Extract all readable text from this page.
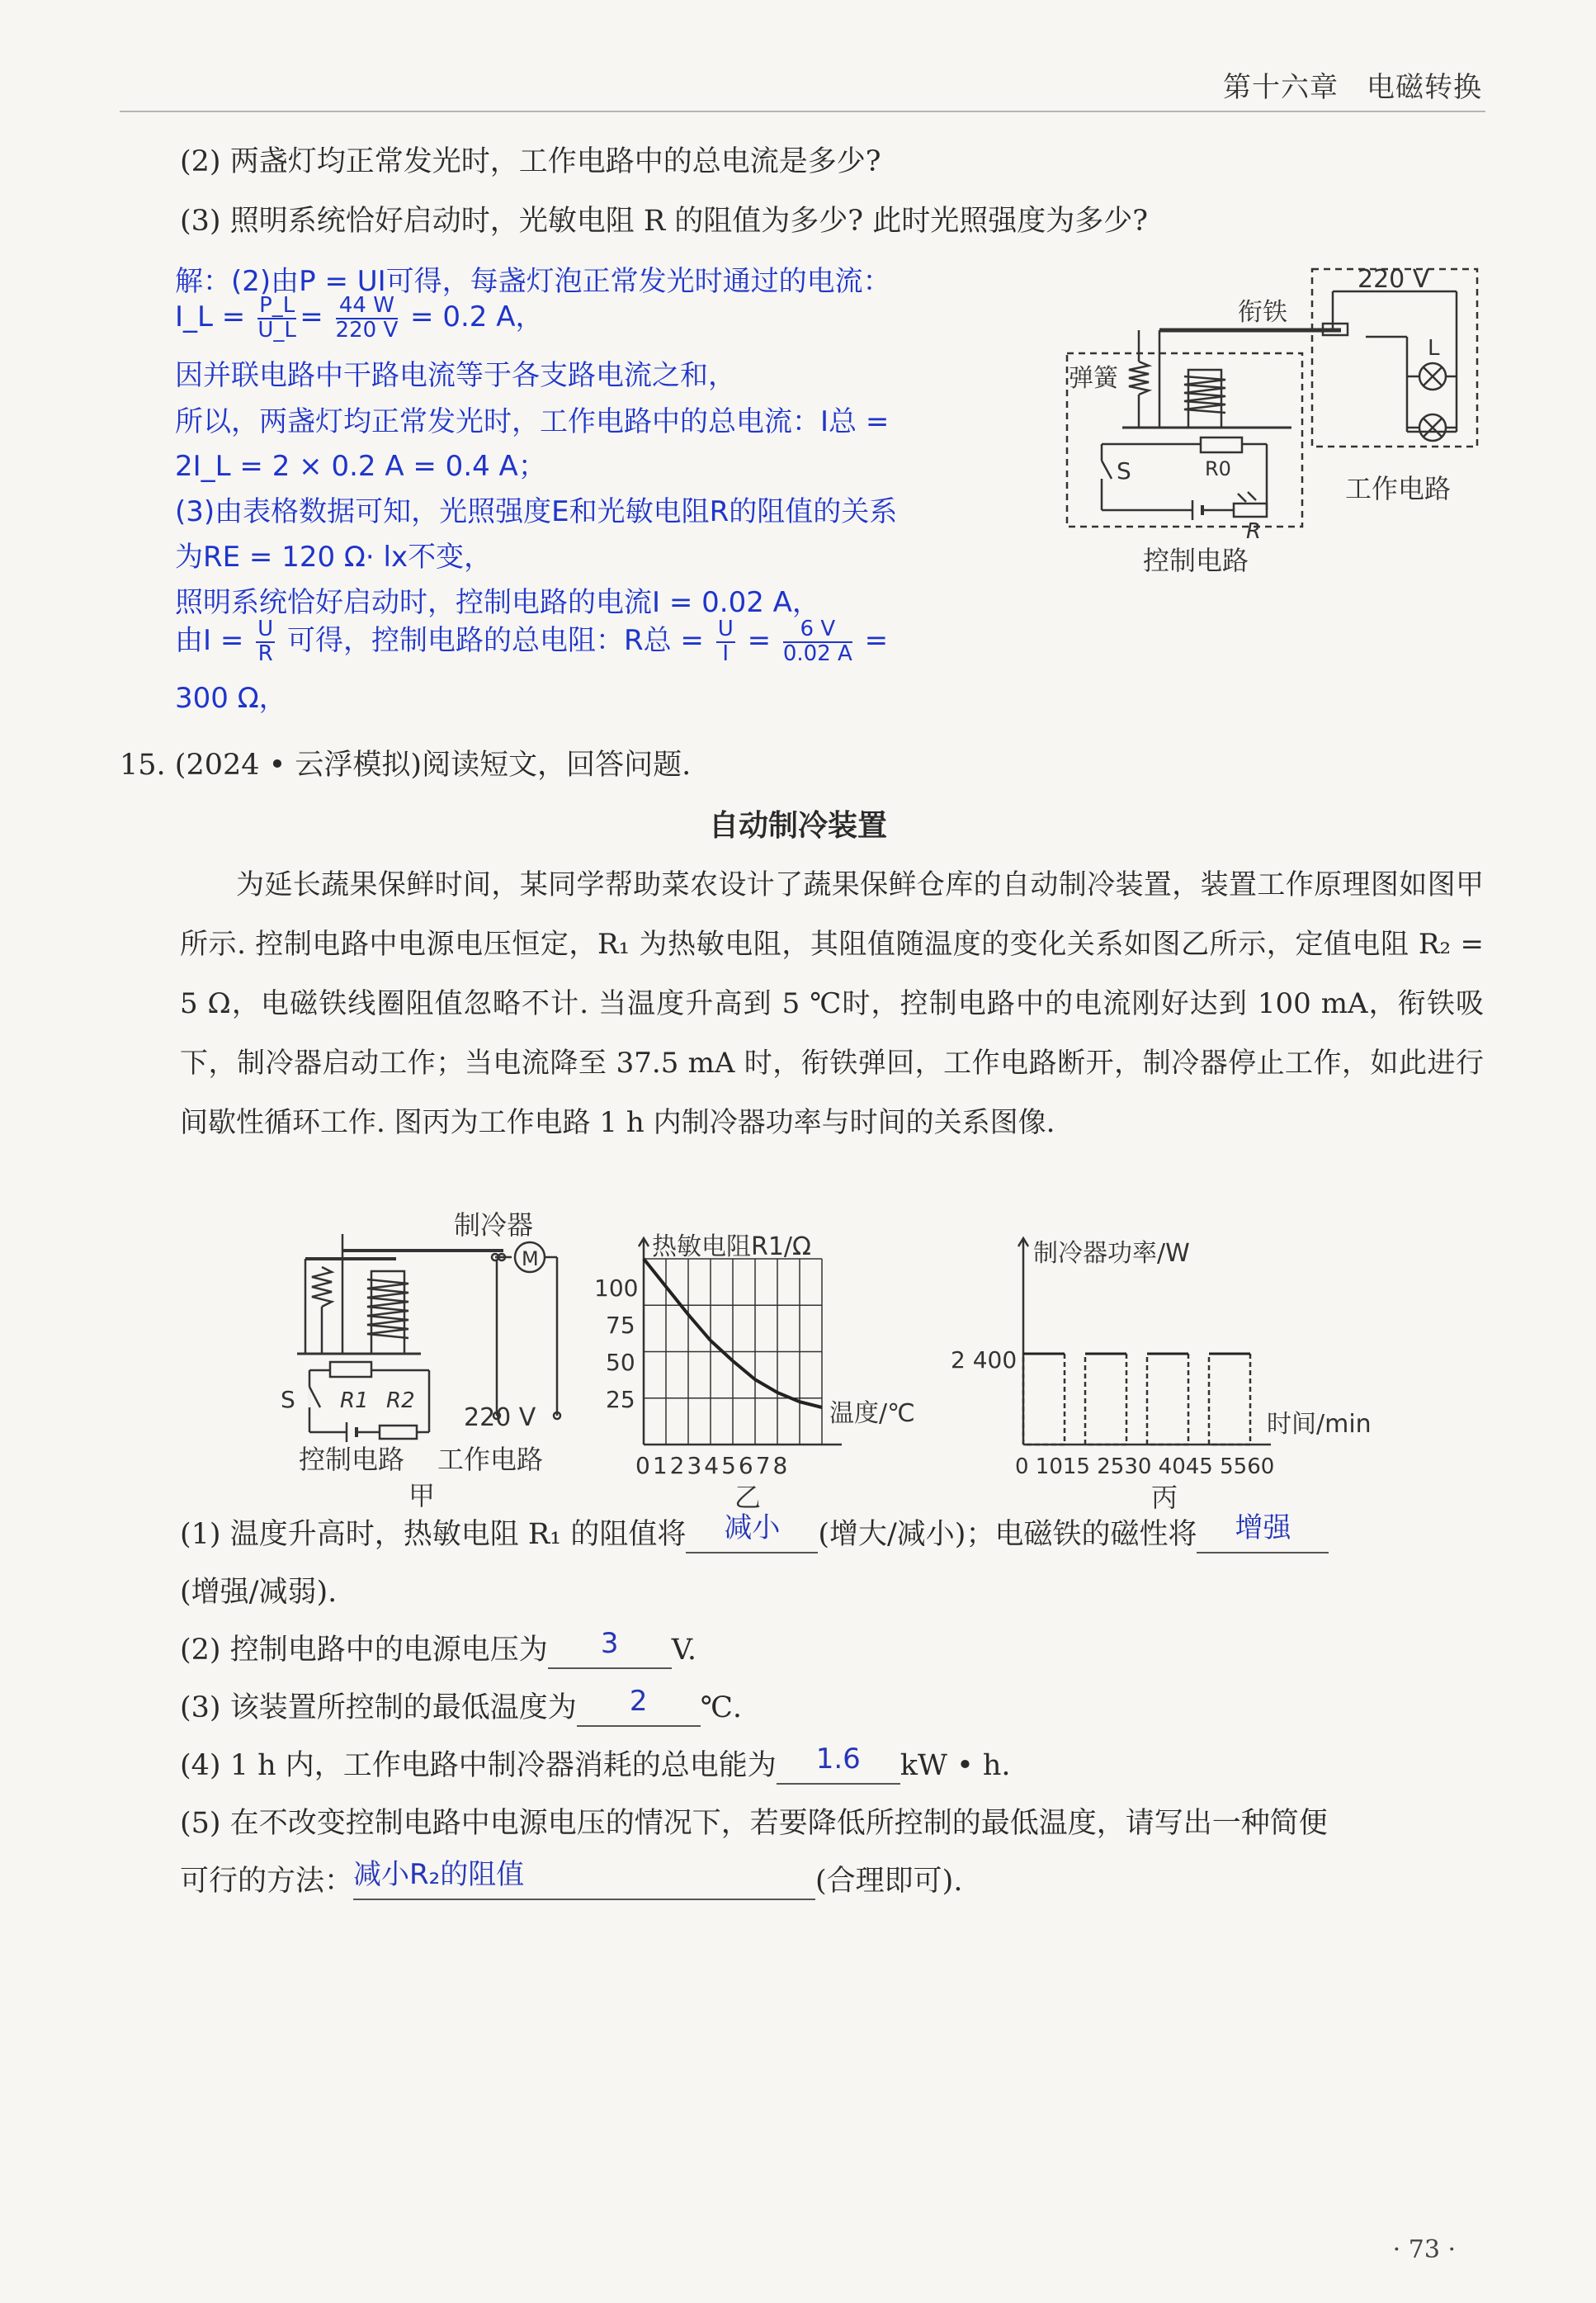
第十六章 电磁转换
(2) 两盏灯均正常发光时，工作电路中的总电流是多少?
(3) 照明系统恰好启动时，光敏电阻 R 的阻值为多少? 此时光照强度为多少?
解：(2)由P = UI可得，每盏灯泡正常发光时通过的电流：
I_L = $\frac{P\_L}{U\_L} = \frac{44 W}{220 V} = 0.2$ A，
因并联电路中干路电流等于各支路电流之和，
所以，两盏灯均正常发光时，工作电路中的总电流：I总 =
2I_L = 2 × 0.2 A = 0.4 A；
(3)由表格数据可知，光照强度E和光敏电阻R的阻值的关系
为RE = 120 Ω· lx不变，
照明系统恰好启动时，控制电路的电流I = 0.02 A，
由$I = \frac{U}{R}$ 可得，控制电路的总电阻：R总 = $\frac{U}{I} = \frac{6 V}{0.02 A}$ =
300 Ω，
220 V
衔铁
弹簧
L
S	R0
R
工作电路
控制电路
15. (2024 • 云浮模拟)阅读短文，回答问题.
自动制冷装置
为延长蔬果保鲜时间，某同学帮助菜农设计了蔬果保鲜仓库的自动制冷装置，装置工作原理图如图甲所示. 控制电路中电源电压恒定，R₁ 为热敏电阻，其阻值随温度的变化关系如图乙所示，定值电阻 R₂ = 5 Ω，电磁铁线圈阻值忽略不计. 当温度升高到 5 ℃时，控制电路中的电流刚好达到 100 mA，衔铁吸下，制冷器启动工作；当电流降至 37.5 mA 时，衔铁弹回，工作电路断开，制冷器停止工作，如此进行间歇性循环工作. 图丙为工作电路 1 h 内制冷器功率与时间的关系图像.
制冷器
M
S R1 R2
220 V
控制电路 工作电路
甲
热敏电阻R1/Ω
温度/℃
100
75
50
25
012345678
乙
制冷器功率/W
时间/min
2 400
0 1015 2530 4045 5560
丙
(1) 温度升高时，热敏电阻 R₁ 的阻值将	减小	(增大/减小)；电磁铁的磁性将	增强

(增强/减弱).
(2) 控制电路中的电源电压为	3	V.
(3) 该装置所控制的最低温度为	2	℃.
(4) 1 h 内，工作电路中制冷器消耗的总电能为	1.6	kW • h.
(5) 在不改变控制电路中电源电压的情况下，若要降低所控制的最低温度，请写出一种简便
可行的方法： 减小R₂的阻值	(合理即可).
· 73 ·
